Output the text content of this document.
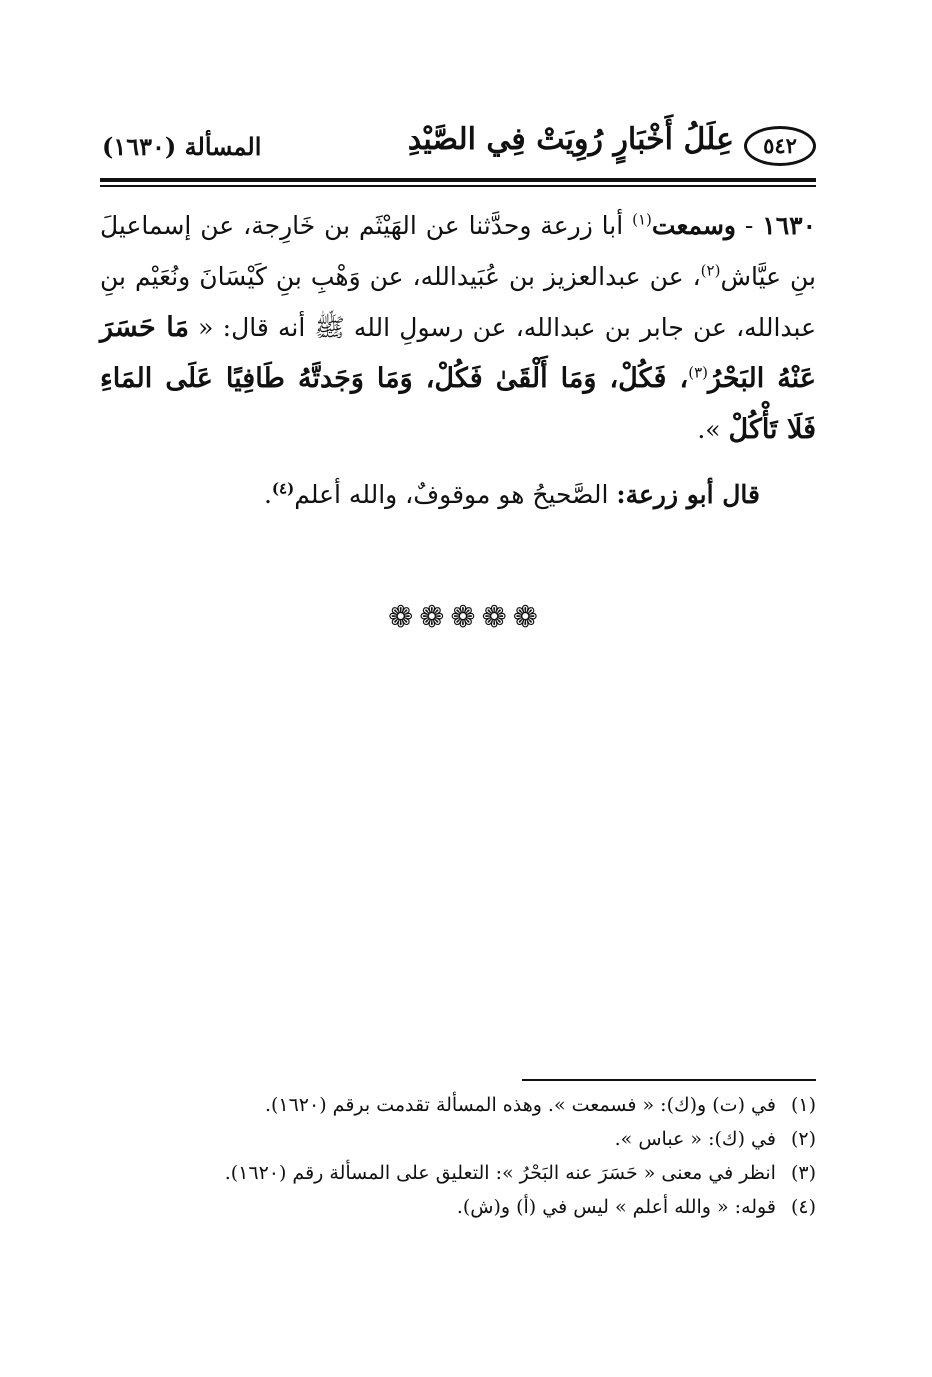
٥٤٢
عِلَلُ أَخْبَارٍ رُوِيَتْ فِي الصَّيْدِ
المسألة (١٦٣٠)

١٦٣٠ - وسمعت$^{(١)}$ أبا زرعة وحدَّثنا عن الهَيْثَم بن خَارِجة، عن إسماعيلَ بنِ عيَّاش$^{(٢)}$، عن عبدالعزيز بن عُبَيدالله، عن وَهْبِ بنِ كَيْسَانَ ونُعَيْم بنِ عبدالله، عن جابر بن عبدالله، عن رسولِ الله ﷺ أنه قال: « مَا حَسَرَ عَنْهُ البَحْرُ$^{(٣)}$، فَكُلْ، وَمَا أَلْقَىٰ فَكُلْ، وَمَا وَجَدتَّهُ طَافِيًا عَلَى المَاءِ فَلَا تَأْكُلْ ».

قال أبو زرعة: الصَّحيحُ هو موقوفٌ، والله أعلم$^{(٤)}$.

❁❁❁❁❁
(١) في (ت) و(ك): « فسمعت ». وهذه المسألة تقدمت برقم (١٦٢٠).
(٢) في (ك): « عباس ».
(٣) انظر في معنى « حَسَرَ عنه البَحْرُ »: التعليق على المسألة رقم (١٦٢٠).
(٤) قوله: « والله أعلم » ليس في (أ) و(ش).
